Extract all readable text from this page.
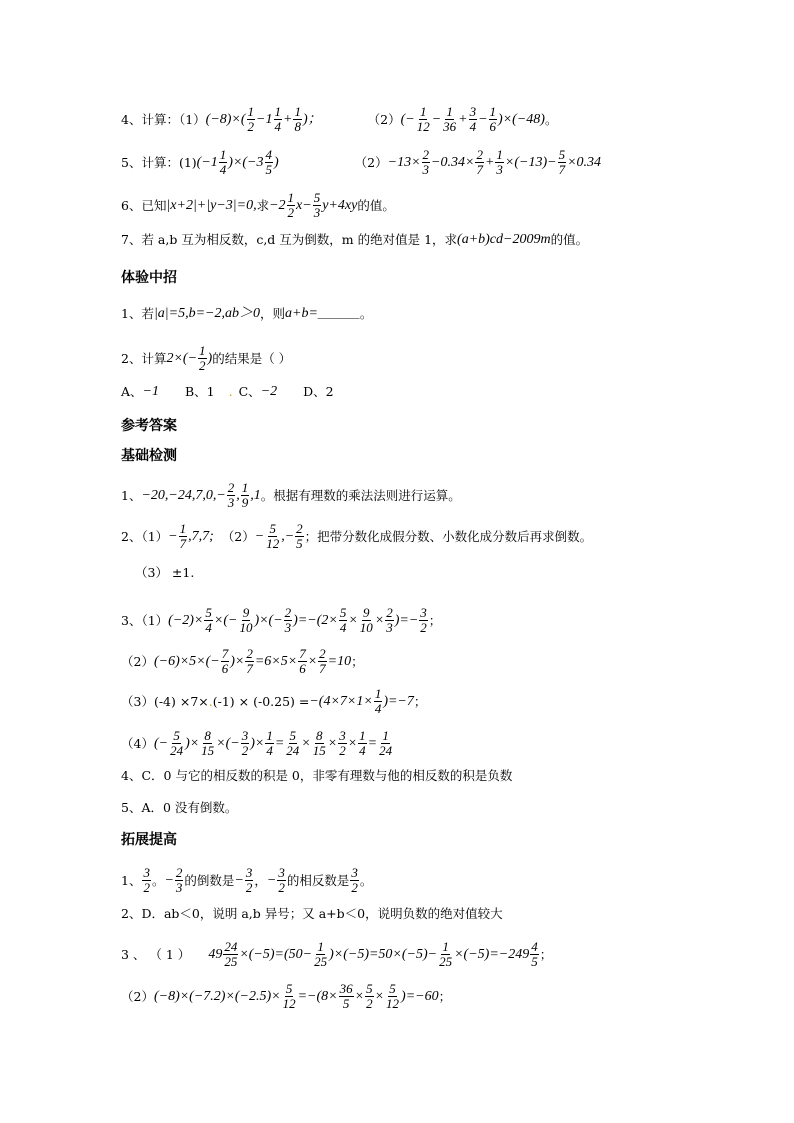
4、计算：（1） (−8)×( 1
2 −1 1
$4 + \frac{1}{8}$ )；	（2） (− $\frac{1}{12} - \frac{1}{36} + \frac{3}{4} - \frac{1}{6} )\times(-48)$ 。
5、计算：(1) (−1 1
4 )×(−3 4
5 )	$(2) -13\times \frac{2}{3} -0.34\times \frac{2}{7} + \frac{1}{3} \times(-13)- \frac{5}{7} \times 0.34$
6、已知 |x+2|+|y−3|=0, 求 −2 1
2 $x- \frac{5}{3} y+4xy$ 的值。
7、若 a,b 互为相反数，c,d 互为倒数，m 的绝对值是 1，求 (a+b)cd−2009m 的值。
体验中招
1、若 |a|=5,b=−2,ab＞0 ，则 a+b=＿＿＿ 。
2、计算 $2\times(- \frac{1}{2}$ ) 的结果是（ ）
A、 −1 B、1 . C、 −2 D、2
参考答案
基础检测
1、 $-20,-24,7,0,- \frac{2}{3}$ , 1
9 ,1 。根据有理数的乘法法则进行运算。
2、$(1) - \frac{1}{7} ,7,7$; $(2) - \frac{5}{12}$ ,− $\frac{2}{5}$ ；把带分数化成假分数、小数化成分数后再求倒数。
（3） ±1.
3、（1） $(-2)\times \frac{5}{4}$ ×(− $\frac{9}{10}$ )×(− $\frac{2}{3} )=-(2\times \frac{5}{4} \times \frac{9}{10} \times \frac{2}{3}$ )=− $\frac{3}{2}$ ；
（2） $(-6)\times 5\times(- \frac{7}{6}$ )× $\frac{2}{7} =6\times 5\times \frac{7}{6} \times \frac{2}{7} =10$ ；
（3）(-4) ×7× . $(-1) \times (-0.25) = -(4\times 7\times 1\times \frac{1}{4} )=-7$ ；
（4） (− $\frac{5}{24}$ )× $\frac{8}{15}$ ×(− $\frac{3}{2}$ )× $\frac{1}{4} = \frac{5}{24} \times \frac{8}{15} \times \frac{3}{2} \times \frac{1}{4} = \frac{1}{24}$
4、C．0 与它的相反数的积是 0，非零有理数与他的相反数的积是负数
5、A．0 没有倒数。
拓展提高
1、 3
2 。 − $\frac{2}{3}$ 的倒数是 − $\frac{3}{2}$ ， − $\frac{3}{2}$ 的相反数是 3
2 。
2、D．ab＜0，说明 a,b 异号；又 a+b＜0，说明负数的绝对值较大
3 、 （ 1 ） $49 \frac{24}{25} \times(-5)=(50- \frac{1}{25} )\times(-5)=50\times(-5)- \frac{1}{25} \times(-5)=-249$ 4
5 ；
（2） $(-8)\times(-7.2)\times(-2.5)\times \frac{5}{12} =-(8\times \frac{36}{5} \times \frac{5}{2} \times \frac{5}{12} )=-60$ ；
